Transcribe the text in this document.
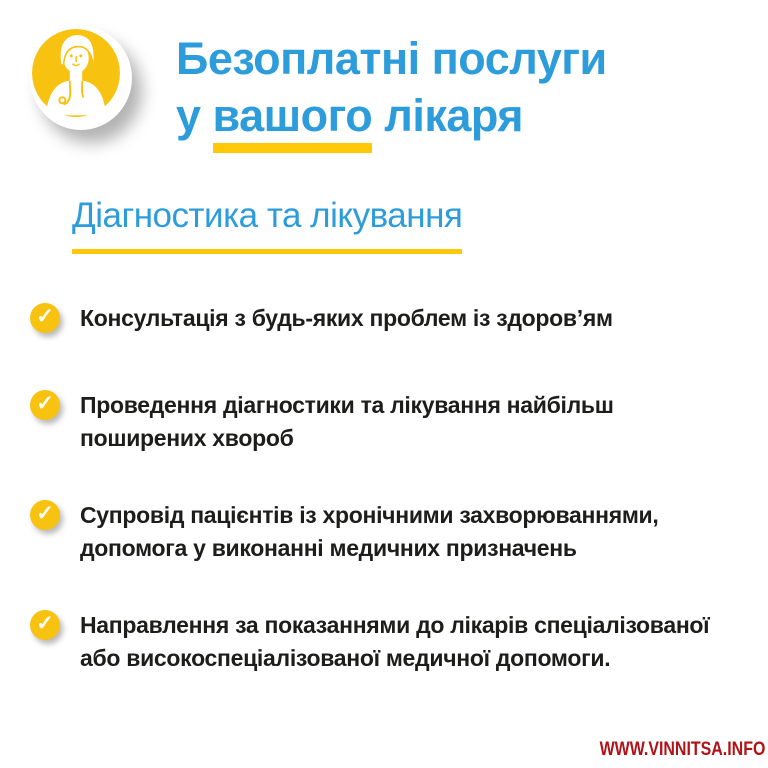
Безоплатні послуги
у вашого лікаря
Діагностика та лікування
✓ Консультація з будь-яких проблем із здоров’ям
✓ Проведення діагностики та лікування найбільш поширених хвороб
✓ Супровід пацієнтів із хронічними захворюваннями, допомога у виконанні медичних призначень
✓ Направлення за показаннями до лікарів спеціалізованої або високоспеціалізованої медичної допомоги.
WWW.VINNITSA.INFO
